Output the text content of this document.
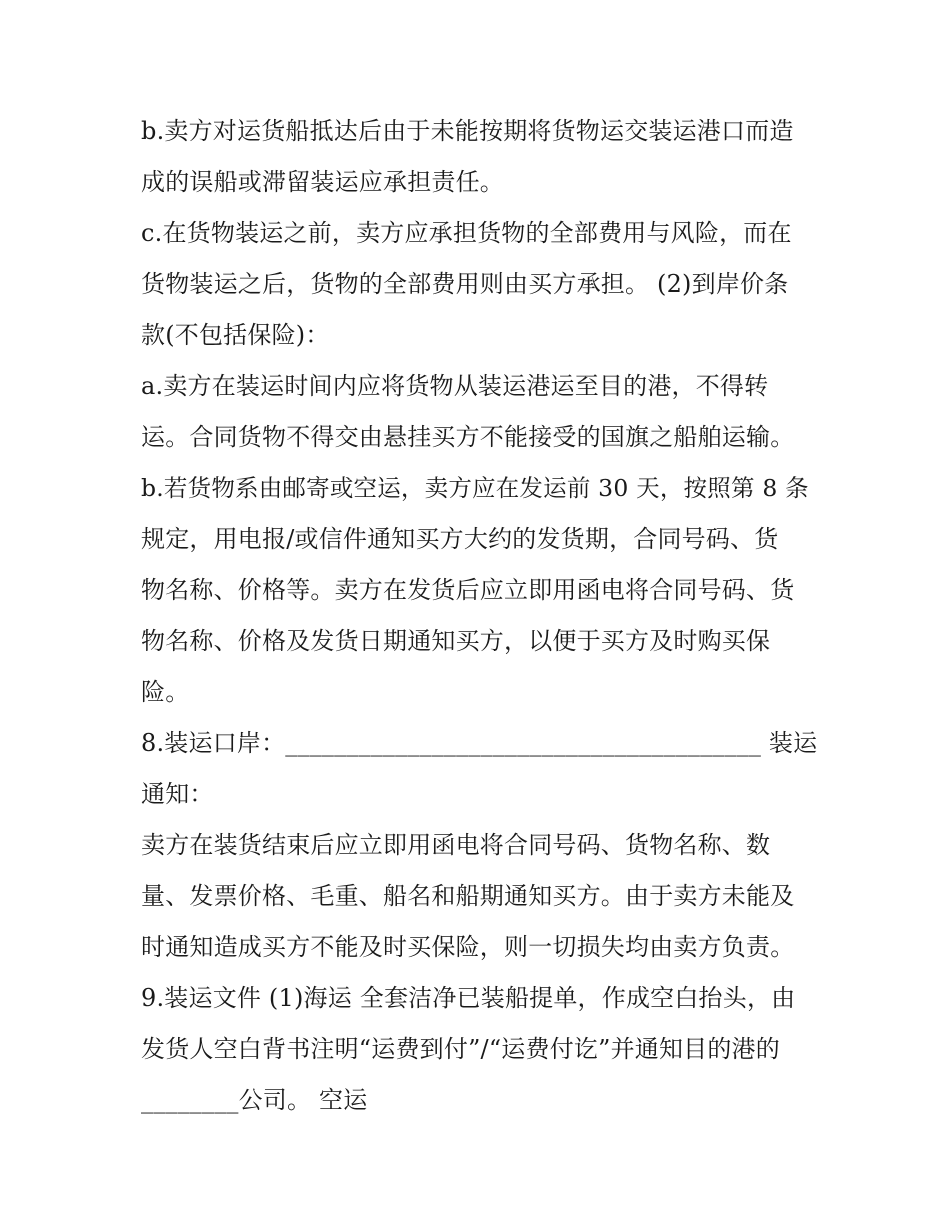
b.卖方对运货船抵达后由于未能按期将货物运交装运港口而造
成的误船或滞留装运应承担责任。
c.在货物装运之前，卖方应承担货物的全部费用与风险，而在
货物装运之后，货物的全部费用则由买方承担。 (2)到岸价条
款(不包括保险)：
a.卖方在装运时间内应将货物从装运港运至目的港，不得转
运。合同货物不得交由悬挂买方不能接受的国旗之船舶运输。
b.若货物系由邮寄或空运，卖方应在发运前 30 天，按照第 8 条
规定，用电报/或信件通知买方大约的发货期，合同号码、货
物名称、价格等。卖方在发货后应立即用函电将合同号码、货
物名称、价格及发货日期通知买方，以便于买方及时购买保
险。
8.装运口岸：_______________________________________ 装运
通知：
卖方在装货结束后应立即用函电将合同号码、货物名称、数
量、发票价格、毛重、船名和船期通知买方。由于卖方未能及
时通知造成买方不能及时买保险，则一切损失均由卖方负责。
9.装运文件 (1)海运 全套洁净已装船提单，作成空白抬头，由
发货人空白背书注明“运费到付”/“运费付讫”并通知目的港的
________公司。 空运
